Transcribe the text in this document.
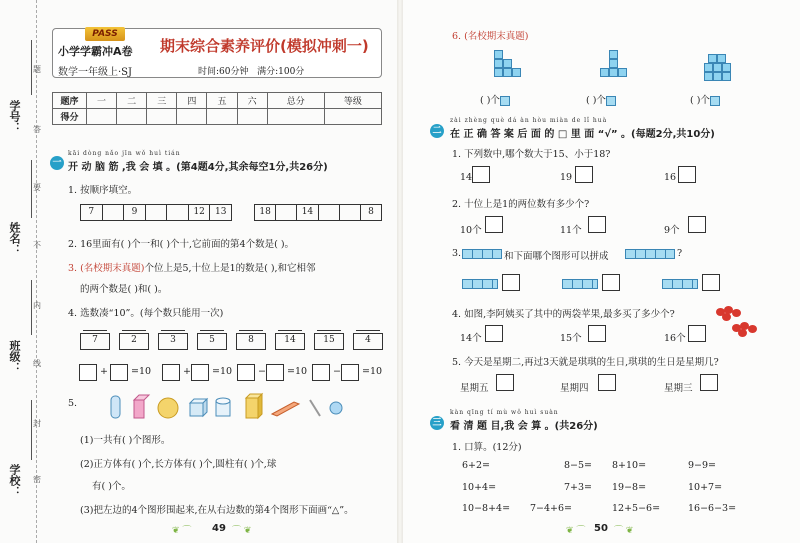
学号：
姓名：
班级：
学校：
题
答
要
不
内
线
封
密
PASS
小学学霸冲A卷 期末综合素养评价(模拟冲刺一)
数学一年级上·SJ	时间:60分钟 满分:100分
题序	一	二	三	四	五	六	总分	等级
得分								
一
kāi dòng nǎo jīn wǒ huì tián
开 动 脑 筋 ,我 会 填 。(第4题4分,其余每空1分,共26分)
1. 按顺序填空。
7	9	12	13	18	14	8
2. 16里面有( )个一和( )个十,它前面的第4个数是( )。
3. (名校期末真题)个位上是5,十位上是1的数是( ),和它相邻
的两个数是( )和( )。
4. 选数凑“10”。(每个数只能用一次)
7	2	3	5	8	14	15	4
+ =10	+ =10	− =10	− =10
5.
(1)一共有( )个图形。
(2)正方体有( )个,长方体有( )个,圆柱有( )个,球
有( )个。
(3)把左边的4个图形围起来,在从右边数的第4个图形下面画“△”。
❦ ⌒ 49 ⌒ ❦
6. (名校期末真题)
( )个	( )个	( )个
二
zài zhèng què dá àn hòu miàn de lǐ huà
在 正 确 答 案 后 面 的 □ 里 面 “√” 。(每题2分,共10分)
1. 下列数中,哪个数大于15、小于18?
14	19	16
2. 十位上是1的两位数有多少个?
10个	11个	9个
3.	和下面哪个图形可以拼成	?
4. 如图,李阿姨买了其中的两袋苹果,最多买了多少个?
14个	15个	16个
5. 今天是星期二,再过3天就是琪琪的生日,琪琪的生日是星期几?
星期五	星期四	星期三
三
kàn qīng tí mù wǒ huì suàn
看 清 题 目,我 会 算 。(共26分)
1. 口算。(12分)
6+2=	8−5= 8+10=	9−9=
10+4=	7+3= 19−8=	10+7=
10−8+4= 7−4+6=	12+5−6=	16−6−3=
❦ ⌒ 50 ⌒ ❦
